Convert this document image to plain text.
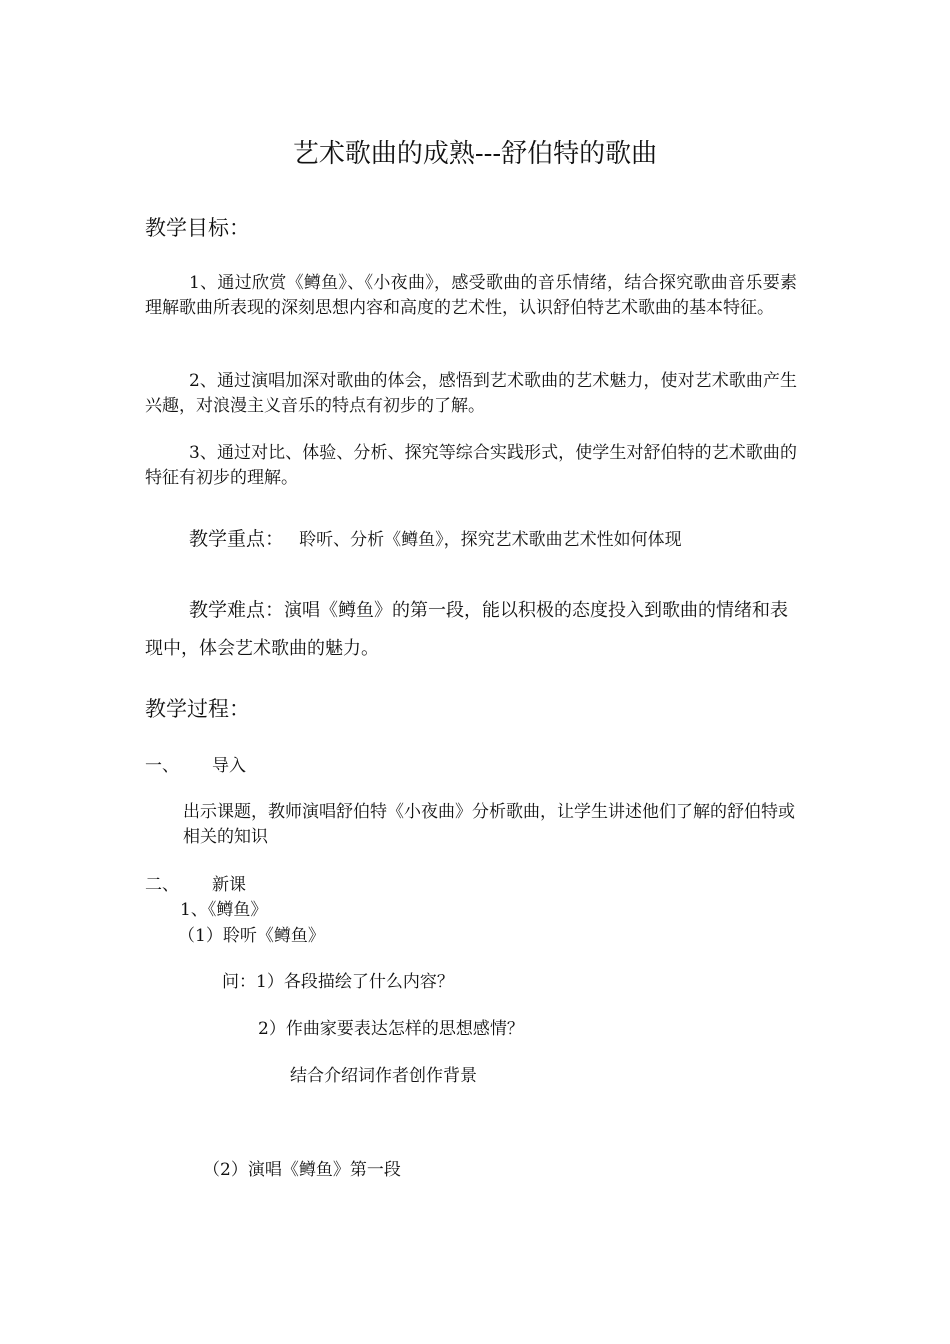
艺术歌曲的成熟---舒伯特的歌曲
教学目标：
1、通过欣赏《鳟鱼》、《小夜曲》，感受歌曲的音乐情绪，结合探究歌曲音乐要素理解歌曲所表现的深刻思想内容和高度的艺术性，认识舒伯特艺术歌曲的基本特征。
2、通过演唱加深对歌曲的体会，感悟到艺术歌曲的艺术魅力，使对艺术歌曲产生兴趣，对浪漫主义音乐的特点有初步的了解。
3、通过对比、体验、分析、探究等综合实践形式，使学生对舒伯特的艺术歌曲的特征有初步的理解。
教学重点： 聆听、分析《鳟鱼》，探究艺术歌曲艺术性如何体现
教学难点：演唱《鳟鱼》的第一段，能以积极的态度投入到歌曲的情绪和表现中，体会艺术歌曲的魅力。
教学过程：
一、 导入
出示课题，教师演唱舒伯特《小夜曲》分析歌曲，让学生讲述他们了解的舒伯特或相关的知识
二、 新课
1、《鳟鱼》
（1）聆听《鳟鱼》
问：1）各段描绘了什么内容？
2）作曲家要表达怎样的思想感情？
结合介绍词作者创作背景
（2）演唱《鳟鱼》第一段
